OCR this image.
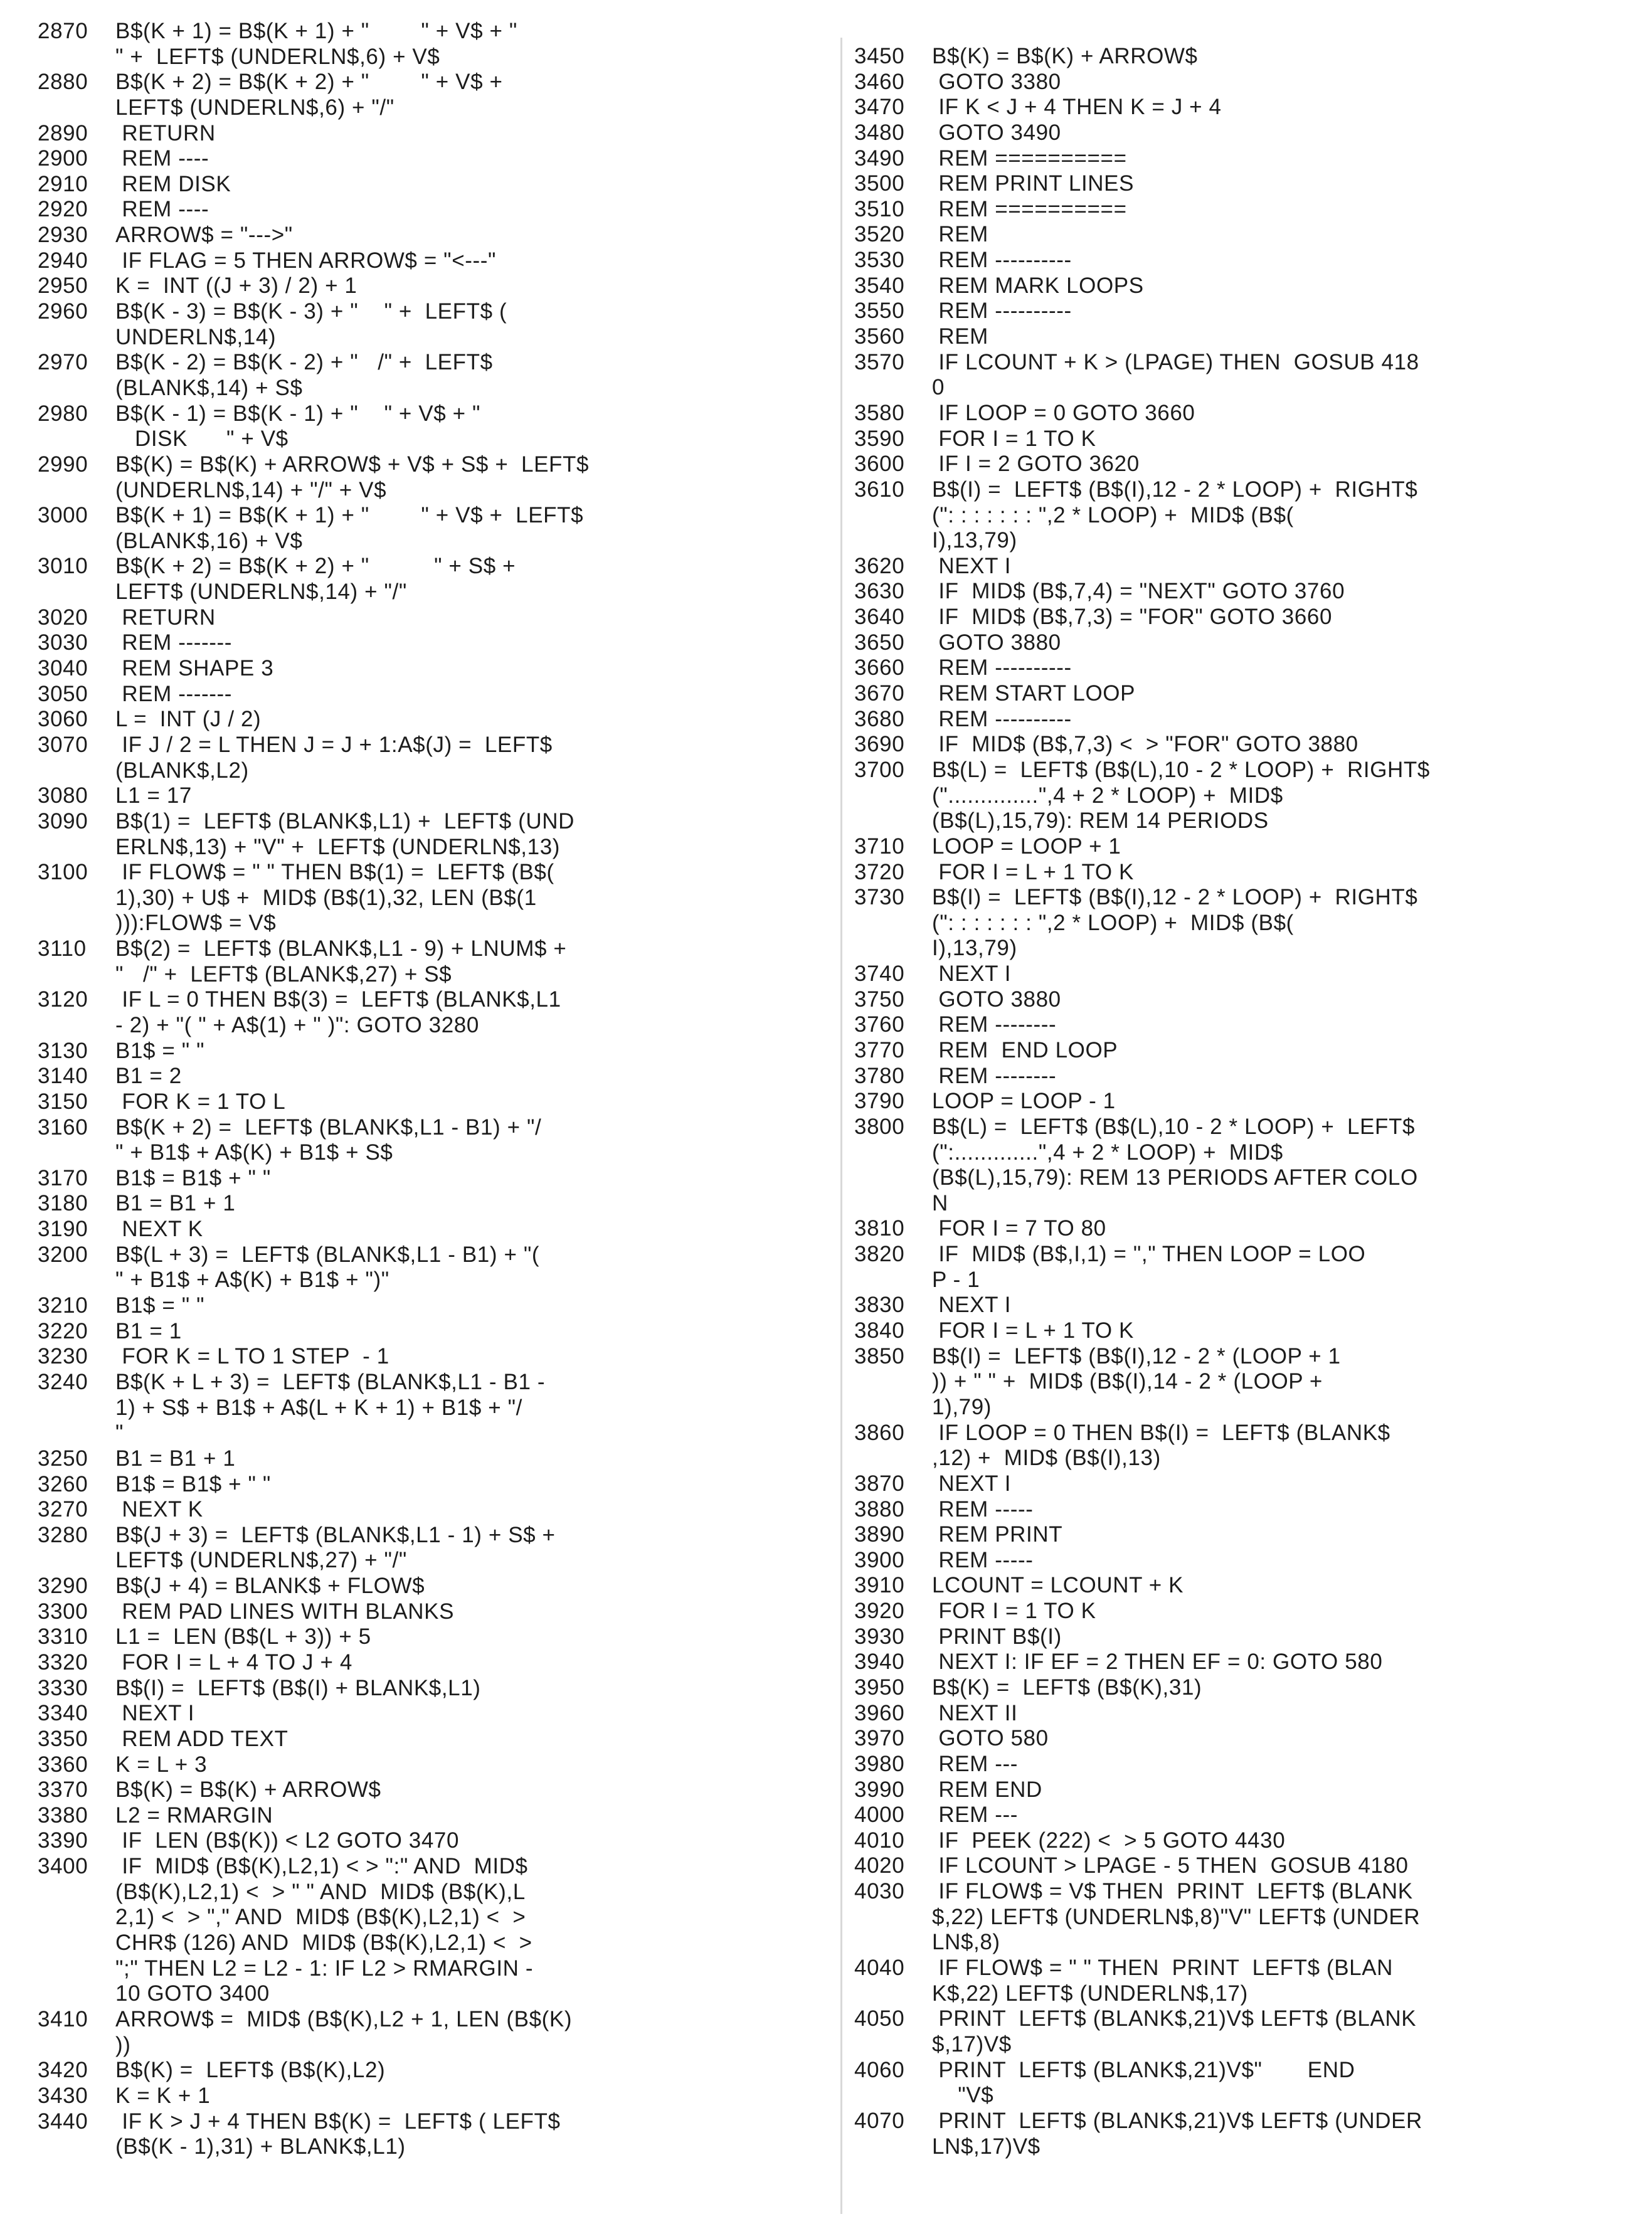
2870 B$(K + 1) = B$(K + 1) + "        " + V$ + "
" +  LEFT$ (UNDERLN$,6) + V$
2880 B$(K + 2) = B$(K + 2) + "        " + V$ +
LEFT$ (UNDERLN$,6) + "/"
2890 RETURN
2900 REM ----
2910 REM DISK
2920 REM ----
2930 ARROW$ = "--->"
2940 IF FLAG = 5 THEN ARROW$ = "<---"
2950 K =  INT ((J + 3) / 2) + 1
2960 B$(K - 3) = B$(K - 3) + "    " +  LEFT$ (
UNDERLN$,14)
2970 B$(K - 2) = B$(K - 2) + "   /" +  LEFT$
(BLANK$,14) + S$
2980 B$(K - 1) = B$(K - 1) + "    " + V$ + "
DISK      " + V$
2990 B$(K) = B$(K) + ARROW$ + V$ + S$ +  LEFT$
(UNDERLN$,14) + "/" + V$
3000 B$(K + 1) = B$(K + 1) + "        " + V$ +  LEFT$
(BLANK$,16) + V$
3010 B$(K + 2) = B$(K + 2) + "          " + S$ +
LEFT$ (UNDERLN$,14) + "/"
3020 RETURN
3030 REM -------
3040 REM SHAPE 3
3050 REM -------
3060 L =  INT (J / 2)
3070 IF J / 2 = L THEN J = J + 1:A$(J) =  LEFT$
(BLANK$,L2)
3080 L1 = 17
3090 B$(1) =  LEFT$ (BLANK$,L1) +  LEFT$ (UND
ERLN$,13) + "V" +  LEFT$ (UNDERLN$,13)
3100 IF FLOW$ = " " THEN B$(1) =  LEFT$ (B$(
1),30) + U$ +  MID$ (B$(1),32, LEN (B$(1
))):FLOW$ = V$
3110 B$(2) =  LEFT$ (BLANK$,L1 - 9) + LNUM$ +
"   /" +  LEFT$ (BLANK$,27) + S$
3120 IF L = 0 THEN B$(3) =  LEFT$ (BLANK$,L1
- 2) + "( " + A$(1) + " )": GOTO 3280
3130 B1$ = " "
3140 B1 = 2
3150 FOR K = 1 TO L
3160 B$(K + 2) =  LEFT$ (BLANK$,L1 - B1) + "/
" + B1$ + A$(K) + B1$ + S$
3170 B1$ = B1$ + " "
3180 B1 = B1 + 1
3190 NEXT K
3200 B$(L + 3) =  LEFT$ (BLANK$,L1 - B1) + "(
" + B1$ + A$(K) + B1$ + ")"
3210 B1$ = " "
3220 B1 = 1
3230 FOR K = L TO 1 STEP  - 1
3240 B$(K + L + 3) =  LEFT$ (BLANK$,L1 - B1 -
1) + S$ + B1$ + A$(L + K + 1) + B1$ + "/
"
3250 B1 = B1 + 1
3260 B1$ = B1$ + " "
3270 NEXT K
3280 B$(J + 3) =  LEFT$ (BLANK$,L1 - 1) + S$ +
LEFT$ (UNDERLN$,27) + "/"
3290 B$(J + 4) = BLANK$ + FLOW$
3300 REM PAD LINES WITH BLANKS
3310 L1 =  LEN (B$(L + 3)) + 5
3320 FOR I = L + 4 TO J + 4
3330 B$(I) =  LEFT$ (B$(I) + BLANK$,L1)
3340 NEXT I
3350 REM ADD TEXT
3360 K = L + 3
3370 B$(K) = B$(K) + ARROW$
3380 L2 = RMARGIN
3390 IF  LEN (B$(K)) < L2 GOTO 3470
3400 IF  MID$ (B$(K),L2,1) < > ":" AND  MID$
(B$(K),L2,1) <  > " " AND  MID$ (B$(K),L
2,1) <  > "," AND  MID$ (B$(K),L2,1) <  >
CHR$ (126) AND  MID$ (B$(K),L2,1) <  >
";" THEN L2 = L2 - 1: IF L2 > RMARGIN -
10 GOTO 3400
3410 ARROW$ =  MID$ (B$(K),L2 + 1, LEN (B$(K)
))
3420 B$(K) =  LEFT$ (B$(K),L2)
3430 K = K + 1
3440 IF K > J + 4 THEN B$(K) =  LEFT$ ( LEFT$
(B$(K - 1),31) + BLANK$,L1)
3450 B$(K) = B$(K) + ARROW$
3460 GOTO 3380
3470 IF K < J + 4 THEN K = J + 4
3480 GOTO 3490
3490 REM ==========
3500 REM PRINT LINES
3510 REM ==========
3520 REM
3530 REM ----------
3540 REM MARK LOOPS
3550 REM ----------
3560 REM
3570 IF LCOUNT + K > (LPAGE) THEN  GOSUB 418
0
3580 IF LOOP = 0 GOTO 3660
3590 FOR I = 1 TO K
3600 IF I = 2 GOTO 3620
3610 B$(I) =  LEFT$ (B$(I),12 - 2 * LOOP) +  RIGHT$
(": : : : : : : ",2 * LOOP) +  MID$ (B$(
I),13,79)
3620 NEXT I
3630 IF  MID$ (B$,7,4) = "NEXT" GOTO 3760
3640 IF  MID$ (B$,7,3) = "FOR" GOTO 3660
3650 GOTO 3880
3660 REM ----------
3670 REM START LOOP
3680 REM ----------
3690 IF  MID$ (B$,7,3) <  > "FOR" GOTO 3880
3700 B$(L) =  LEFT$ (B$(L),10 - 2 * LOOP) +  RIGHT$
("..............",4 + 2 * LOOP) +  MID$
(B$(L),15,79): REM 14 PERIODS
3710 LOOP = LOOP + 1
3720 FOR I = L + 1 TO K
3730 B$(I) =  LEFT$ (B$(I),12 - 2 * LOOP) +  RIGHT$
(": : : : : : : ",2 * LOOP) +  MID$ (B$(
I),13,79)
3740 NEXT I
3750 GOTO 3880
3760 REM --------
3770 REM  END LOOP
3780 REM --------
3790 LOOP = LOOP - 1
3800 B$(L) =  LEFT$ (B$(L),10 - 2 * LOOP) +  LEFT$
(":.............",4 + 2 * LOOP) +  MID$
(B$(L),15,79): REM 13 PERIODS AFTER COLO
N
3810 FOR I = 7 TO 80
3820 IF  MID$ (B$,I,1) = "," THEN LOOP = LOO
P - 1
3830 NEXT I
3840 FOR I = L + 1 TO K
3850 B$(I) =  LEFT$ (B$(I),12 - 2 * (LOOP + 1
)) + " " +  MID$ (B$(I),14 - 2 * (LOOP +
1),79)
3860 IF LOOP = 0 THEN B$(I) =  LEFT$ (BLANK$
,12) +  MID$ (B$(I),13)
3870 NEXT I
3880 REM -----
3890 REM PRINT
3900 REM -----
3910 LCOUNT = LCOUNT + K
3920 FOR I = 1 TO K
3930 PRINT B$(I)
3940 NEXT I: IF EF = 2 THEN EF = 0: GOTO 580
3950 B$(K) =  LEFT$ (B$(K),31)
3960 NEXT II
3970 GOTO 580
3980 REM ---
3990 REM END
4000 REM ---
4010 IF  PEEK (222) <  > 5 GOTO 4430
4020 IF LCOUNT > LPAGE - 5 THEN  GOSUB 4180
4030 IF FLOW$ = V$ THEN  PRINT  LEFT$ (BLANK
$,22) LEFT$ (UNDERLN$,8)"V" LEFT$ (UNDER
LN$,8)
4040 IF FLOW$ = " " THEN  PRINT  LEFT$ (BLAN
K$,22) LEFT$ (UNDERLN$,17)
4050 PRINT  LEFT$ (BLANK$,21)V$ LEFT$ (BLANK
$,17)V$
4060 PRINT  LEFT$ (BLANK$,21)V$"       END
"V$
4070 PRINT  LEFT$ (BLANK$,21)V$ LEFT$ (UNDER
LN$,17)V$
